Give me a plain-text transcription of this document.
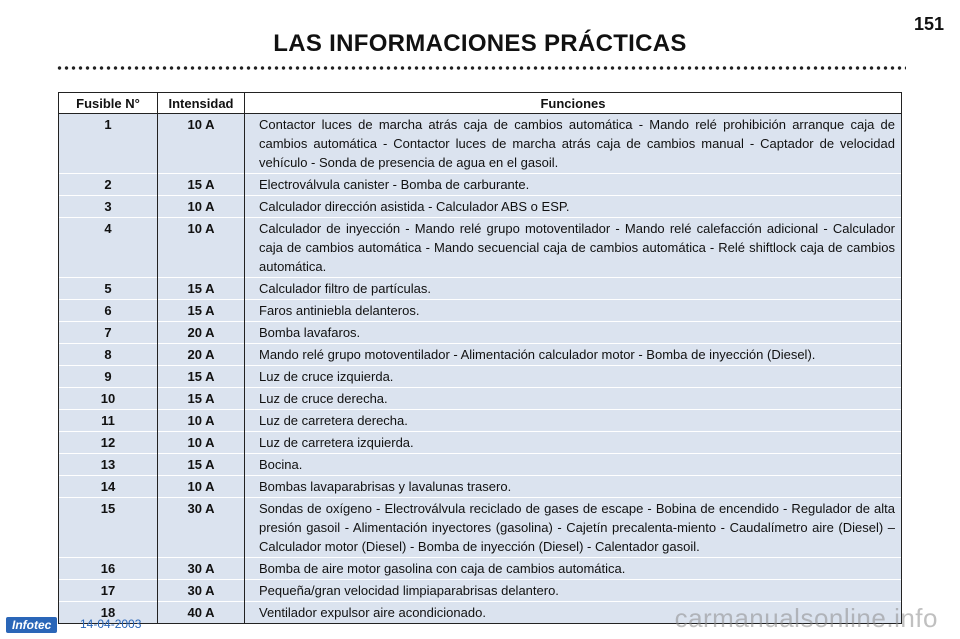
151
LAS INFORMACIONES PRÁCTICAS
Fusible N°	Intensidad	Funciones
1	10 A	Contactor luces de marcha atrás caja de cambios automática - Mando relé prohibición arranque caja de cambios automática - Contactor luces de marcha atrás caja de cambios manual - Captador de velocidad vehículo - Sonda de presencia de agua en el gasoil.
2	15 A	Electroválvula canister - Bomba de carburante.
3	10 A	Calculador dirección asistida - Calculador ABS o ESP.
4	10 A	Calculador de inyección - Mando relé grupo motoventilador - Mando relé calefacción adicional - Calculador caja de cambios automática - Mando secuencial caja de cambios automática - Relé shiftlock caja de cambios automática.
5	15 A	Calculador filtro de partículas.
6	15 A	Faros antiniebla delanteros.
7	20 A	Bomba lavafaros.
8	20 A	Mando relé grupo motoventilador - Alimentación calculador motor - Bomba de inyección (Diesel).
9	15 A	Luz de cruce izquierda.
10	15 A	Luz de cruce derecha.
11	10 A	Luz de carretera derecha.
12	10 A	Luz de carretera izquierda.
13	15 A	Bocina.
14	10 A	Bombas lavaparabrisas y lavalunas trasero.
15	30 A	Sondas de oxígeno - Electroválvula reciclado de gases de escape - Bobina de encendido - Regulador de alta presión gasoil - Alimentación inyectores (gasolina) - Cajetín precalenta-miento - Caudalímetro aire (Diesel) – Calculador motor (Diesel) - Bomba de inyección (Diesel) - Calentador gasoil.
16	30 A	Bomba de aire motor gasolina con caja de cambios automática.
17	30 A	Pequeña/gran velocidad limpiaparabrisas delantero.
18	40 A	Ventilador expulsor aire acondicionado.
Infotec	14-04-2003	carmanualsonline.info
